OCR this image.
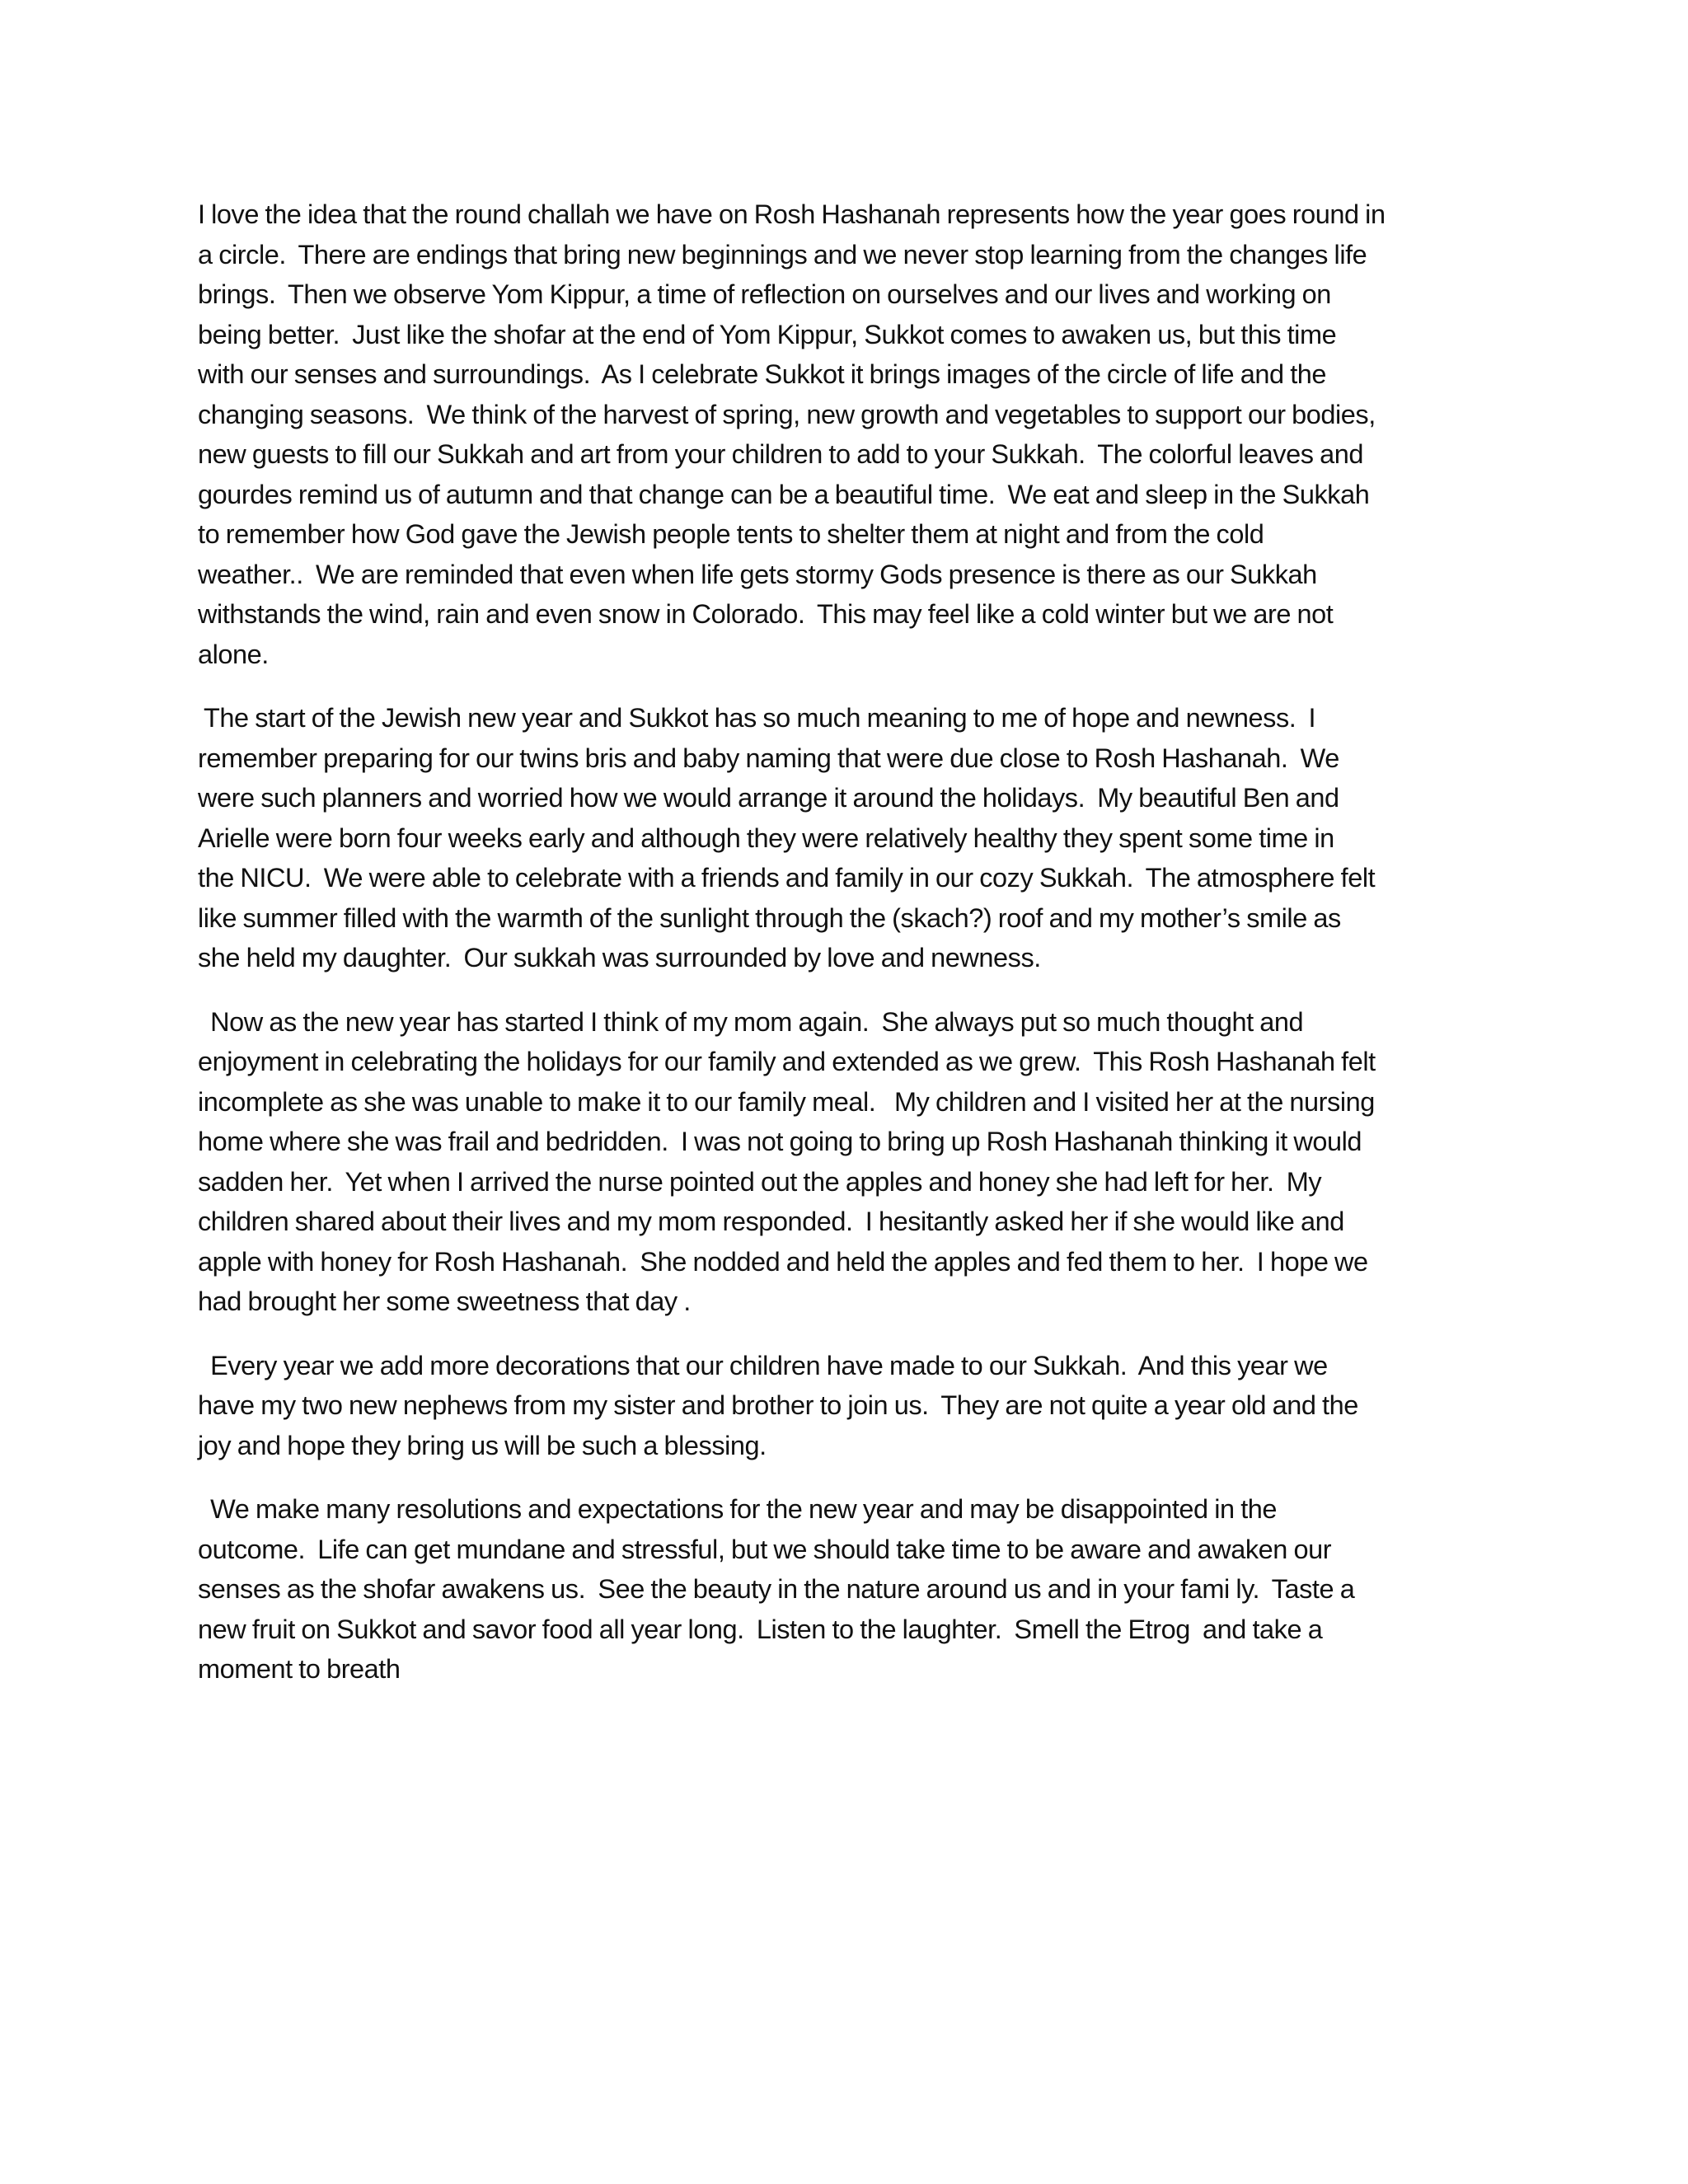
I love the idea that the round challah we have on Rosh Hashanah represents how the year goes round in
a circle.  There are endings that bring new beginnings and we never stop learning from the changes life
brings.  Then we observe Yom Kippur, a time of reflection on ourselves and our lives and working on
being better.  Just like the shofar at the end of Yom Kippur, Sukkot comes to awaken us, but this time
with our senses and surroundings.  As I celebrate Sukkot it brings images of the circle of life and the
changing seasons.  We think of the harvest of spring, new growth and vegetables to support our bodies,
new guests to fill our Sukkah and art from your children to add to your Sukkah.  The colorful leaves and
gourdes remind us of autumn and that change can be a beautiful time.  We eat and sleep in the Sukkah
to remember how God gave the Jewish people tents to shelter them at night and from the cold
weather..  We are reminded that even when life gets stormy Gods presence is there as our Sukkah
withstands the wind, rain and even snow in Colorado.  This may feel like a cold winter but we are not
alone.

The start of the Jewish new year and Sukkot has so much meaning to me of hope and newness.  I
remember preparing for our twins bris and baby naming that were due close to Rosh Hashanah.  We
were such planners and worried how we would arrange it around the holidays.  My beautiful Ben and
Arielle were born four weeks early and although they were relatively healthy they spent some time in
the NICU.  We were able to celebrate with a friends and family in our cozy Sukkah.  The atmosphere felt
like summer filled with the warmth of the sunlight through the (skach?) roof and my mother’s smile as
she held my daughter.  Our sukkah was surrounded by love and newness.

Now as the new year has started I think of my mom again.  She always put so much thought and
enjoyment in celebrating the holidays for our family and extended as we grew.  This Rosh Hashanah felt
incomplete as she was unable to make it to our family meal.   My children and I visited her at the nursing
home where she was frail and bedridden.  I was not going to bring up Rosh Hashanah thinking it would
sadden her.  Yet when I arrived the nurse pointed out the apples and honey she had left for her.  My
children shared about their lives and my mom responded.  I hesitantly asked her if she would like and
apple with honey for Rosh Hashanah.  She nodded and held the apples and fed them to her.  I hope we
had brought her some sweetness that day .

Every year we add more decorations that our children have made to our Sukkah.  And this year we
have my two new nephews from my sister and brother to join us.  They are not quite a year old and the
joy and hope they bring us will be such a blessing.

We make many resolutions and expectations for the new year and may be disappointed in the
outcome.  Life can get mundane and stressful, but we should take time to be aware and awaken our
senses as the shofar awakens us.  See the beauty in the nature around us and in your fami ly.  Taste a
new fruit on Sukkot and savor food all year long.  Listen to the laughter.  Smell the Etrog  and take a
moment to breath
